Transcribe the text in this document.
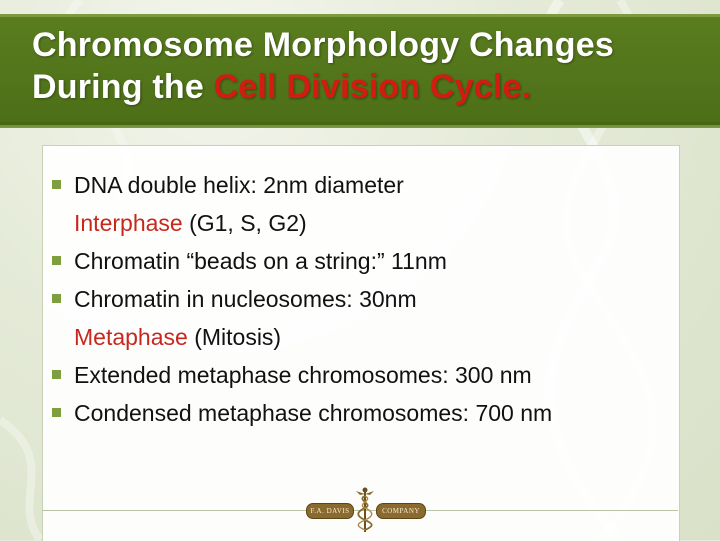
Chromosome Morphology Changes
During the Cell Division Cycle.
DNA double helix: 2nm diameter
Interphase (G1, S, G2)
Chromatin “beads on a string:” 11nm
Chromatin in nucleosomes: 30nm
Metaphase (Mitosis)
Extended metaphase chromosomes: 300 nm
Condensed metaphase chromosomes: 700 nm
F.A. DAVIS	COMPANY
